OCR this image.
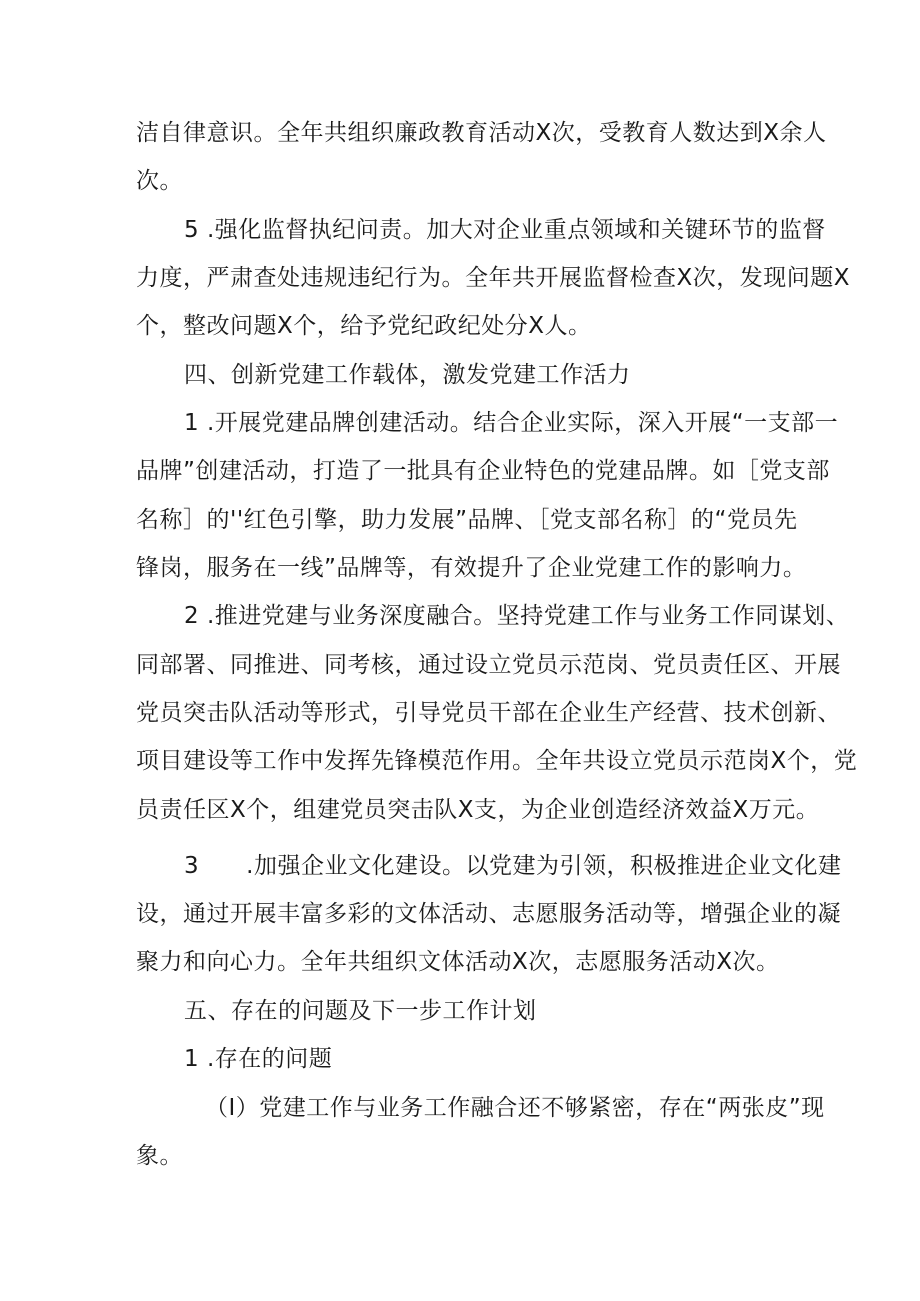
洁自律意识。全年共组织廉政教育活动X次，受教育人数达到X余人
次。
5 .强化监督执纪问责。加大对企业重点领域和关键环节的监督
力度，严肃查处违规违纪行为。全年共开展监督检查X次，发现问题X
个，整改问题X个，给予党纪政纪处分X人。
四、创新党建工作载体，激发党建工作活力
1 .开展党建品牌创建活动。结合企业实际，深入开展“一支部一
品牌”创建活动，打造了一批具有企业特色的党建品牌。如［党支部
名称］的''红色引擎，助力发展”品牌、［党支部名称］的“党员先
锋岗，服务在一线”品牌等，有效提升了企业党建工作的影响力。
2 .推进党建与业务深度融合。坚持党建工作与业务工作同谋划、
同部署、同推进、同考核，通过设立党员示范岗、党员责任区、开展
党员突击队活动等形式，引导党员干部在企业生产经营、技术创新、
项目建设等工作中发挥先锋模范作用。全年共设立党员示范岗X个，党
员责任区X个，组建党员突击队X支，为企业创造经济效益X万元。
3　　.加强企业文化建设。以党建为引领，积极推进企业文化建
设，通过开展丰富多彩的文体活动、志愿服务活动等，增强企业的凝
聚力和向心力。全年共组织文体活动X次，志愿服务活动X次。
五、存在的问题及下一步工作计划
1 .存在的问题
（I）党建工作与业务工作融合还不够紧密，存在“两张皮”现
象。
